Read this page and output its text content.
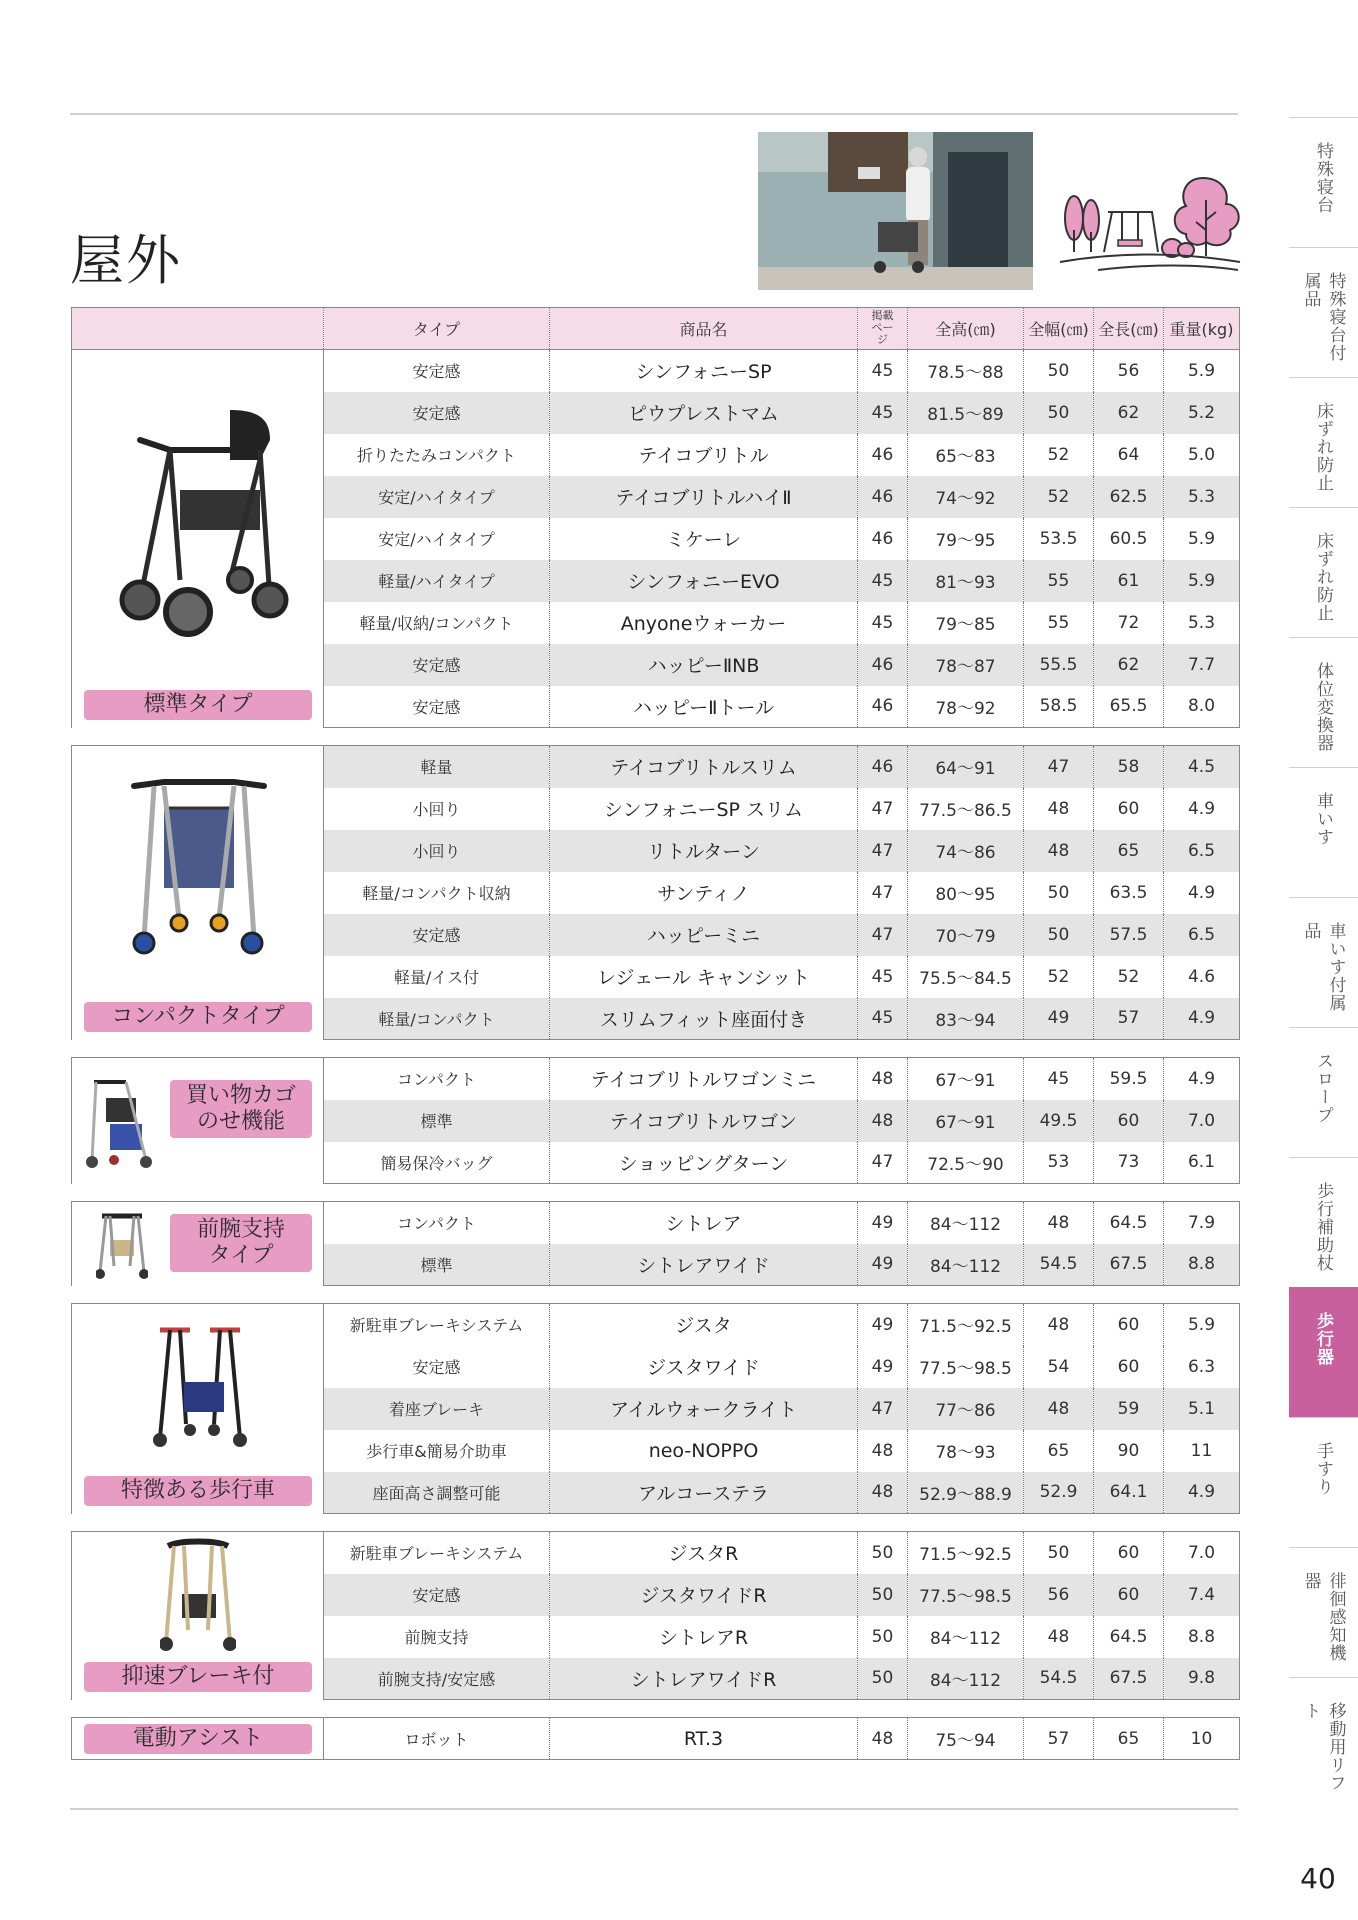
屋外
	タイプ	商品名	掲載ページ	全高(㎝)	全幅(㎝)	全長(㎝)	重量(kg)

標準タイプ	安定感	シンフォニーSP	45	78.5〜88	50	56	5.9
	安定感	ピウプレストマム	45	81.5〜89	50	62	5.2
	折りたたみコンパクト	テイコブリトル	46	65〜83	52	64	5.0
	安定/ハイタイプ	テイコブリトルハイⅡ	46	74〜92	52	62.5	5.3
	安定/ハイタイプ	ミケーレ	46	79〜95	53.5	60.5	5.9
	軽量/ハイタイプ	シンフォニーEVO	45	81〜93	55	61	5.9
	軽量/収納/コンパクト	Anyoneウォーカー	45	79〜85	55	72	5.3
	安定感	ハッピーⅡNB	46	78〜87	55.5	62	7.7
	安定感	ハッピーⅡトール	46	78〜92	58.5	65.5	8.0

コンパクトタイプ	軽量	テイコブリトルスリム	46	64〜91	47	58	4.5
	小回り	シンフォニーSP スリム	47	77.5〜86.5	48	60	4.9
	小回り	リトルターン	47	74〜86	48	65	6.5
	軽量/コンパクト収納	サンティノ	47	80〜95	50	63.5	4.9
	安定感	ハッピーミニ	47	70〜79	50	57.5	6.5
	軽量/イス付	レジェール キャンシット	45	75.5〜84.5	52	52	4.6
	軽量/コンパクト	スリムフィット座面付き	45	83〜94	49	57	4.9

買い物カゴ
のせ機能	コンパクト	テイコブリトルワゴンミニ	48	67〜91	45	59.5	4.9
	標準	テイコブリトルワゴン	48	67〜91	49.5	60	7.0
	簡易保冷バッグ	ショッピングターン	47	72.5〜90	53	73	6.1

前腕支持
タイプ	コンパクト	シトレア	49	84〜112	48	64.5	7.9
	標準	シトレアワイド	49	84〜112	54.5	67.5	8.8

特徴ある歩行車	新駐車ブレーキシステム	ジスタ	49	71.5〜92.5	48	60	5.9
	安定感	ジスタワイド	49	77.5〜98.5	54	60	6.3
	着座ブレーキ	アイルウォークライト	47	77〜86	48	59	5.1
	歩行車&簡易介助車	neo-NOPPO	48	78〜93	65	90	11
	座面高さ調整可能	アルコーステラ	48	52.9〜88.9	52.9	64.1	4.9

抑速ブレーキ付	新駐車ブレーキシステム	ジスタR	50	71.5〜92.5	50	60	7.0
	安定感	ジスタワイドR	50	77.5〜98.5	56	60	7.4
	前腕支持	シトレアR	50	84〜112	48	64.5	8.8
	前腕支持/安定感	シトレアワイドR	50	84〜112	54.5	67.5	9.8

電動アシスト	ロボット	RT.3	48	75〜94	57	65	10
特殊寝台
特殊寝台付属品
床ずれ防止
床ずれ防止
体位変換器
車いす
車いす付属品
スロープ
歩行補助杖
歩行器
手すり
徘徊感知機器
移動用リフト
40
